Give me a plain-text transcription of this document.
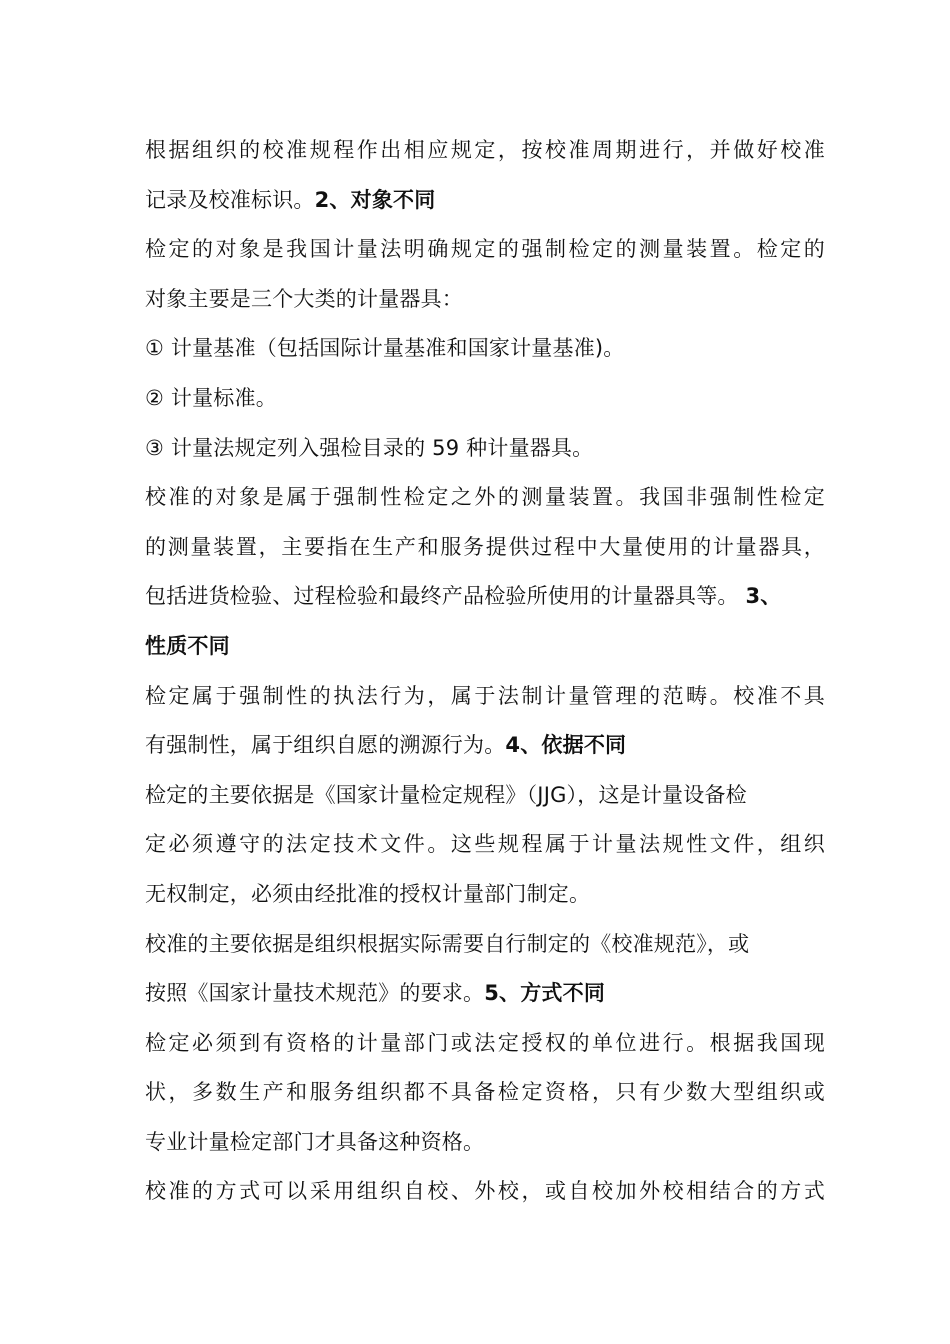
根据组织的校准规程作出相应规定，按校准周期进行，并做好校准
记录及校准标识。2、对象不同
检定的对象是我国计量法明确规定的强制检定的测量装置。检定的
对象主要是三个大类的计量器具：
① 计量基准（包括国际计量基准和国家计量基准)。
② 计量标准。
③ 计量法规定列入强检目录的 59 种计量器具。
校准的对象是属于强制性检定之外的测量装置。我国非强制性检定
的测量装置，主要指在生产和服务提供过程中大量使用的计量器具，
包括进货检验、过程检验和最终产品检验所使用的计量器具等。 3、
性质不同
检定属于强制性的执法行为，属于法制计量管理的范畴。校准不具
有强制性，属于组织自愿的溯源行为。4、依据不同
检定的主要依据是《国家计量检定规程》（JJG），这是计量设备检
定必须遵守的法定技术文件。这些规程属于计量法规性文件，组织
无权制定，必须由经批准的授权计量部门制定。
校准的主要依据是组织根据实际需要自行制定的《校准规范》，或
按照《国家计量技术规范》的要求。5、方式不同
检定必须到有资格的计量部门或法定授权的单位进行。根据我国现
状，多数生产和服务组织都不具备检定资格，只有少数大型组织或
专业计量检定部门才具备这种资格。
校准的方式可以采用组织自校、外校，或自校加外校相结合的方式
